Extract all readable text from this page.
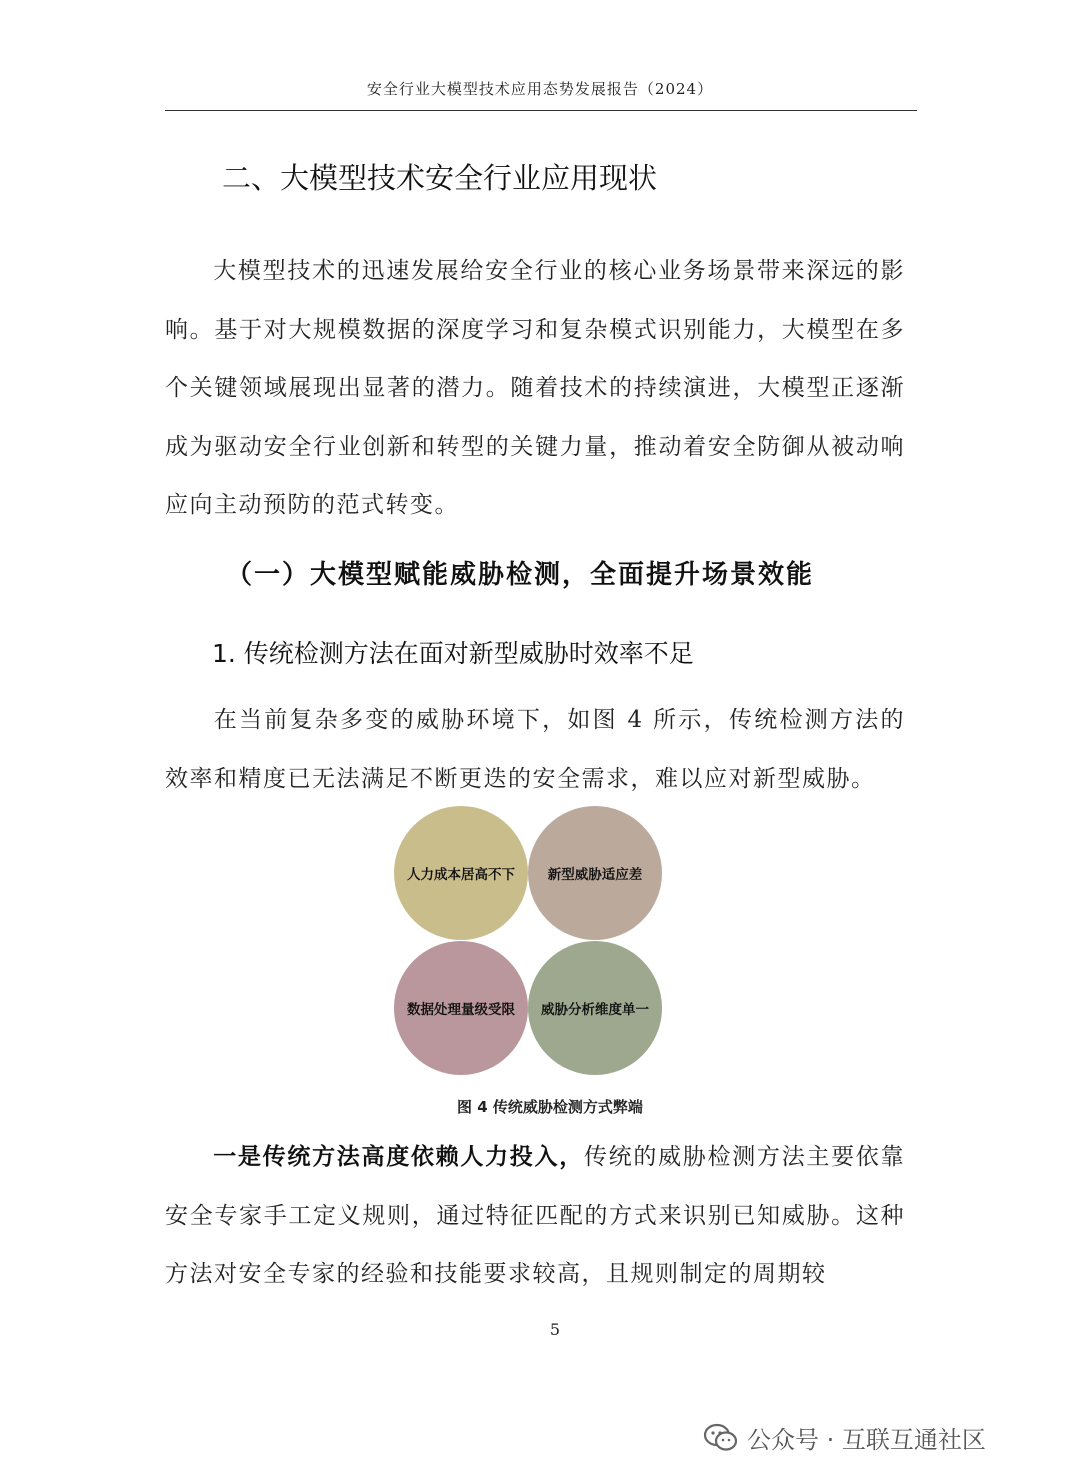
安全行业大模型技术应用态势发展报告（2024）
二、大模型技术安全行业应用现状
大模型技术的迅速发展给安全行业的核心业务场景带来深远的影响。基于对大规模数据的深度学习和复杂模式识别能力，大模型在多个关键领域展现出显著的潜力。随着技术的持续演进，大模型正逐渐成为驱动安全行业创新和转型的关键力量，推动着安全防御从被动响应向主动预防的范式转变。
（一）大模型赋能威胁检测，全面提升场景效能
1. 传统检测方法在面对新型威胁时效率不足
在当前复杂多变的威胁环境下，如图 4 所示，传统检测方法的效率和精度已无法满足不断更迭的安全需求，难以应对新型威胁。
人力成本居高不下 新型威胁适应差
数据处理量级受限 威胁分析维度单一
图 4 传统威胁检测方式弊端
一是传统方法高度依赖人力投入，传统的威胁检测方法主要依靠安全专家手工定义规则，通过特征匹配的方式来识别已知威胁。这种方法对安全专家的经验和技能要求较高，且规则制定的周期较
5
公众号 · 互联互通社区
